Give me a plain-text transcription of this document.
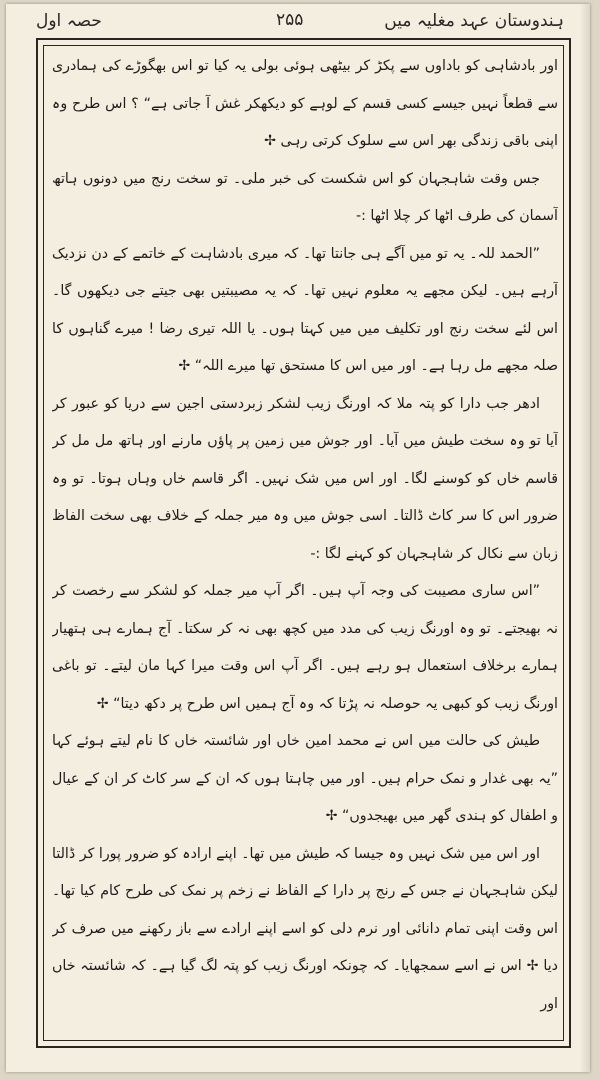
ہندوستان عہد مغلیہ میں
۲۵۵
حصہ اول

اور بادشاہی کو باداوں سے پکڑ کر بیٹھی ہوئی بولی یہ کیا تو اس بھگوڑے کی ہمادری سے قطعاً نہیں جیسے کسی قسم کے لوہے کو دیکھکر غش آ جاتی ہے“ ؟ اس طرح وہ اپنی باقی زندگی بھر اس سے سلوک کرتی رہی ✢

جس وقت شاہجہان کو اس شکست کی خبر ملی۔ تو سخت رنج میں دونوں ہاتھ آسمان کی طرف اٹھا کر چلا اٹھا :-

”الحمد للہ۔ یہ تو میں آگے ہی جانتا تھا۔ کہ میری بادشاہت کے خاتمے کے دن نزدیک آرہے ہیں۔ لیکن مجھے یہ معلوم نہیں تھا۔ کہ یہ مصیبتیں بھی جیتے جی دیکھوں گا۔ اس لئے سخت رنج اور تکلیف میں میں کہتا ہوں۔ یا اللہ تیری رضا ! میرے گناہوں کا صلہ مجھے مل رہا ہے۔ اور میں اس کا مستحق تھا میرے اللہ“ ✢

ادھر جب دارا کو پتہ ملا کہ اورنگ زیب لشکر زبردستی اجین سے دریا کو عبور کر آیا تو وہ سخت طیش میں آیا۔ اور جوش میں زمین پر پاؤں مارنے اور ہاتھ مل مل کر قاسم خاں کو کوسنے لگا۔ اور اس میں شک نہیں۔ اگر قاسم خاں وہاں ہوتا۔ تو وہ ضرور اس کا سر کاٹ ڈالتا۔ اسی جوش میں وہ میر جملہ کے خلاف بھی سخت الفاظ زبان سے نکال کر شاہجہان کو کہنے لگا :-

”اس ساری مصیبت کی وجہ آپ ہیں۔ اگر آپ میر جملہ کو لشکر سے رخصت کر نہ بھیجتے۔ تو وہ اورنگ زیب کی مدد میں کچھ بھی نہ کر سکتا۔ آج ہمارے ہی ہتھیار ہمارے برخلاف استعمال ہو رہے ہیں۔ اگر آپ اس وقت میرا کہا مان لیتے۔ تو باغی اورنگ زیب کو کبھی یہ حوصلہ نہ پڑتا کہ وہ آج ہمیں اس طرح پر دکھ دیتا“ ✢

طیش کی حالت میں اس نے محمد امین خاں اور شائستہ خاں کا نام لیتے ہوئے کہا ”یہ بھی غدار و نمک حرام ہیں۔ اور میں چاہتا ہوں کہ ان کے سر کاٹ کر ان کے عیال و اطفال کو ہندی گھر میں بھیجدوں“ ✢

اور اس میں شک نہیں وہ جیسا کہ طیش میں تھا۔ اپنے ارادہ کو ضرور پورا کر ڈالتا لیکن شاہجہان نے جس کے رنج پر دارا کے الفاظ نے زخم پر نمک کی طرح کام کیا تھا۔ اس وقت اپنی تمام دانائی اور نرم دلی کو اسے اپنے ارادے سے باز رکھنے میں صرف کر دیا ✢ اس نے اسے سمجھایا۔ کہ چونکہ اورنگ زیب کو پتہ لگ گیا ہے۔ کہ شائستہ خاں اور
